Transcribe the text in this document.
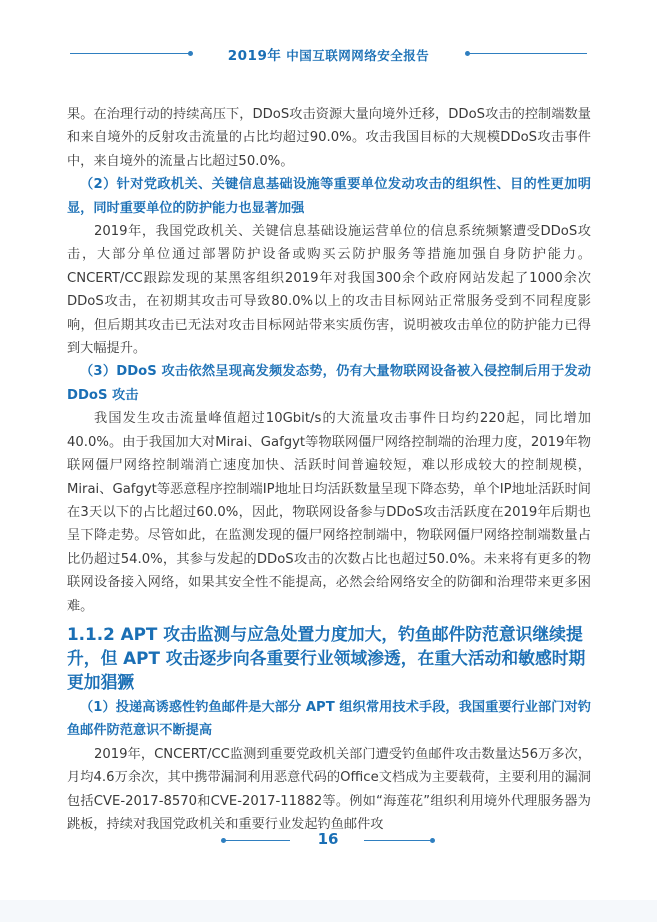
2019年 中国互联网网络安全报告

果。在治理行动的持续高压下，DDoS攻击资源大量向境外迁移，DDoS攻击的控制端数量和来自境外的反射攻击流量的占比均超过90.0%。攻击我国目标的大规模DDoS攻击事件中，来自境外的流量占比超过50.0%。

（2）针对党政机关、关键信息基础设施等重要单位发动攻击的组织性、目的性更加明显，同时重要单位的防护能力也显著加强

2019年，我国党政机关、关键信息基础设施运营单位的信息系统频繁遭受DDoS攻击，大部分单位通过部署防护设备或购买云防护服务等措施加强自身防护能力。CNCERT/CC跟踪发现的某黑客组织2019年对我国300余个政府网站发起了1000余次DDoS攻击，在初期其攻击可导致80.0%以上的攻击目标网站正常服务受到不同程度影响，但后期其攻击已无法对攻击目标网站带来实质伤害，说明被攻击单位的防护能力已得到大幅提升。

（3）DDoS 攻击依然呈现高发频发态势，仍有大量物联网设备被入侵控制后用于发动 DDoS 攻击

我国发生攻击流量峰值超过10Gbit/s的大流量攻击事件日均约220起，同比增加40.0%。由于我国加大对Mirai、Gafgyt等物联网僵尸网络控制端的治理力度，2019年物联网僵尸网络控制端消亡速度加快、活跃时间普遍较短，难以形成较大的控制规模，Mirai、Gafgyt等恶意程序控制端IP地址日均活跃数量呈现下降态势，单个IP地址活跃时间在3天以下的占比超过60.0%，因此，物联网设备参与DDoS攻击活跃度在2019年后期也呈下降走势。尽管如此，在监测发现的僵尸网络控制端中，物联网僵尸网络控制端数量占比仍超过54.0%，其参与发起的DDoS攻击的次数占比也超过50.0%。未来将有更多的物联网设备接入网络，如果其安全性不能提高，必然会给网络安全的防御和治理带来更多困难。

1.1.2 APT 攻击监测与应急处置力度加大，钓鱼邮件防范意识继续提升，但 APT 攻击逐步向各重要行业领域渗透，在重大活动和敏感时期更加猖獗

（1）投递高诱惑性钓鱼邮件是大部分 APT 组织常用技术手段，我国重要行业部门对钓鱼邮件防范意识不断提高

2019年，CNCERT/CC监测到重要党政机关部门遭受钓鱼邮件攻击数量达56万多次，月均4.6万余次，其中携带漏洞利用恶意代码的Office文档成为主要载荷，主要利用的漏洞包括CVE-2017-8570和CVE-2017-11882等。例如“海莲花”组织利用境外代理服务器为跳板，持续对我国党政机关和重要行业发起钓鱼邮件攻

16
